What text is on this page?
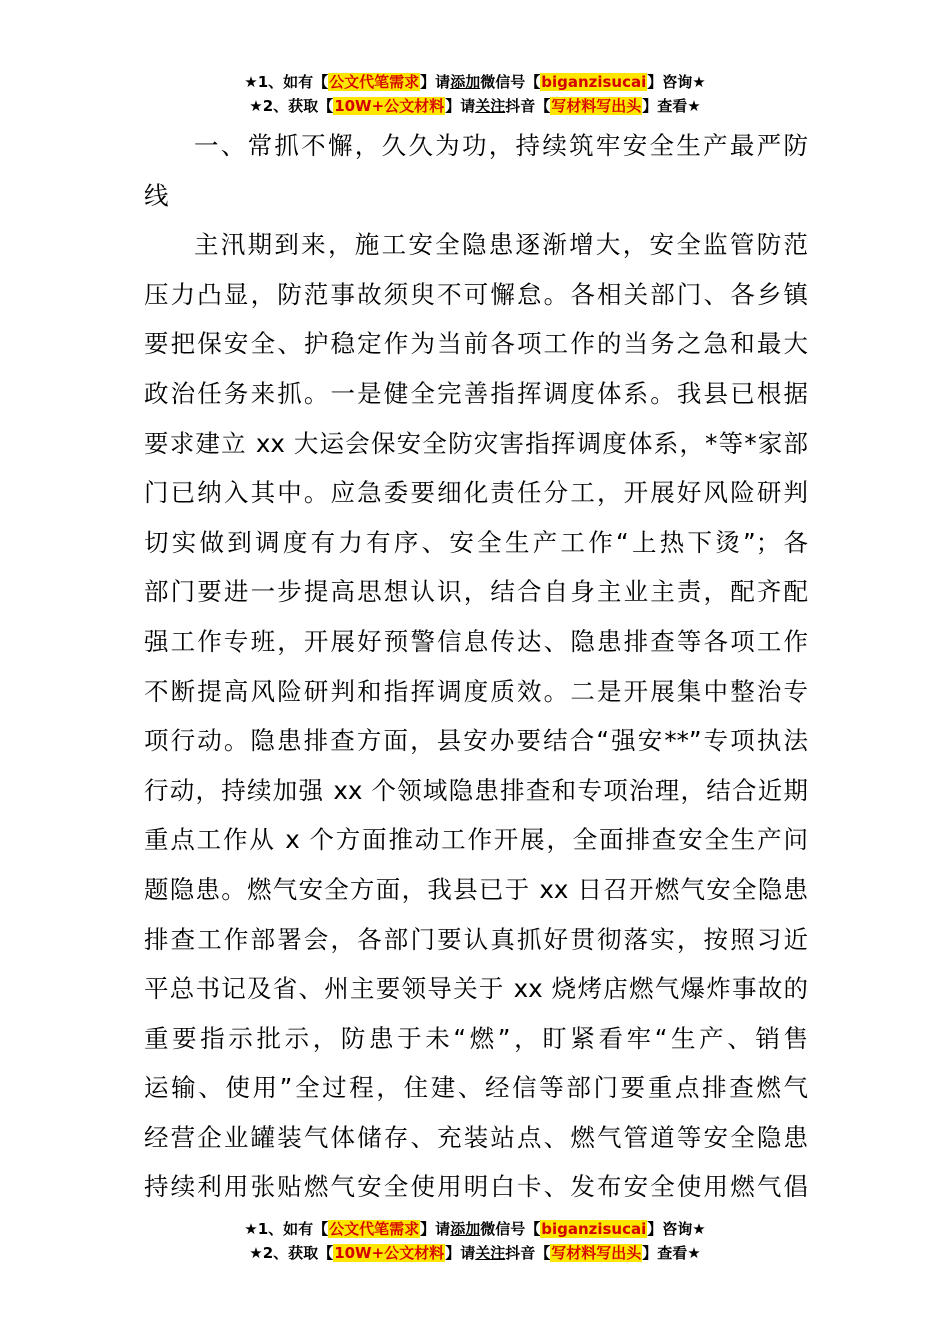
★1、如有【公文代笔需求】请添加微信号【biganzisucai】咨询★
★2、获取【10W+公文材料】请关注抖音【写材料写出头】查看★
一、常抓不懈，久久为功，持续筑牢安全生产最严防
线
主汛期到来，施工安全隐患逐渐增大，安全监管防范
压力凸显，防范事故须臾不可懈怠。各相关部门、各乡镇
要把保安全、护稳定作为当前各项工作的当务之急和最大
政治任务来抓。一是健全完善指挥调度体系。我县已根据
要求建立 xx 大运会保安全防灾害指挥调度体系，*等*家部
门已纳入其中。应急委要细化责任分工，开展好风险研判
切实做到调度有力有序、安全生产工作“上热下烫”；各
部门要进一步提高思想认识，结合自身主业主责，配齐配
强工作专班，开展好预警信息传达、隐患排查等各项工作
不断提高风险研判和指挥调度质效。二是开展集中整治专
项行动。隐患排查方面，县安办要结合“强安**”专项执法
行动，持续加强 xx 个领域隐患排查和专项治理，结合近期
重点工作从 x 个方面推动工作开展，全面排查安全生产问
题隐患。燃气安全方面，我县已于 xx 日召开燃气安全隐患
排查工作部署会，各部门要认真抓好贯彻落实，按照习近
平总书记及省、州主要领导关于 xx 烧烤店燃气爆炸事故的
重要指示批示，防患于未“燃”，盯紧看牢“生产、销售
运输、使用”全过程，住建、经信等部门要重点排查燃气
经营企业罐装气体储存、充装站点、燃气管道等安全隐患
持续利用张贴燃气安全使用明白卡、发布安全使用燃气倡
★1、如有【公文代笔需求】请添加微信号【biganzisucai】咨询★
★2、获取【10W+公文材料】请关注抖音【写材料写出头】查看★
